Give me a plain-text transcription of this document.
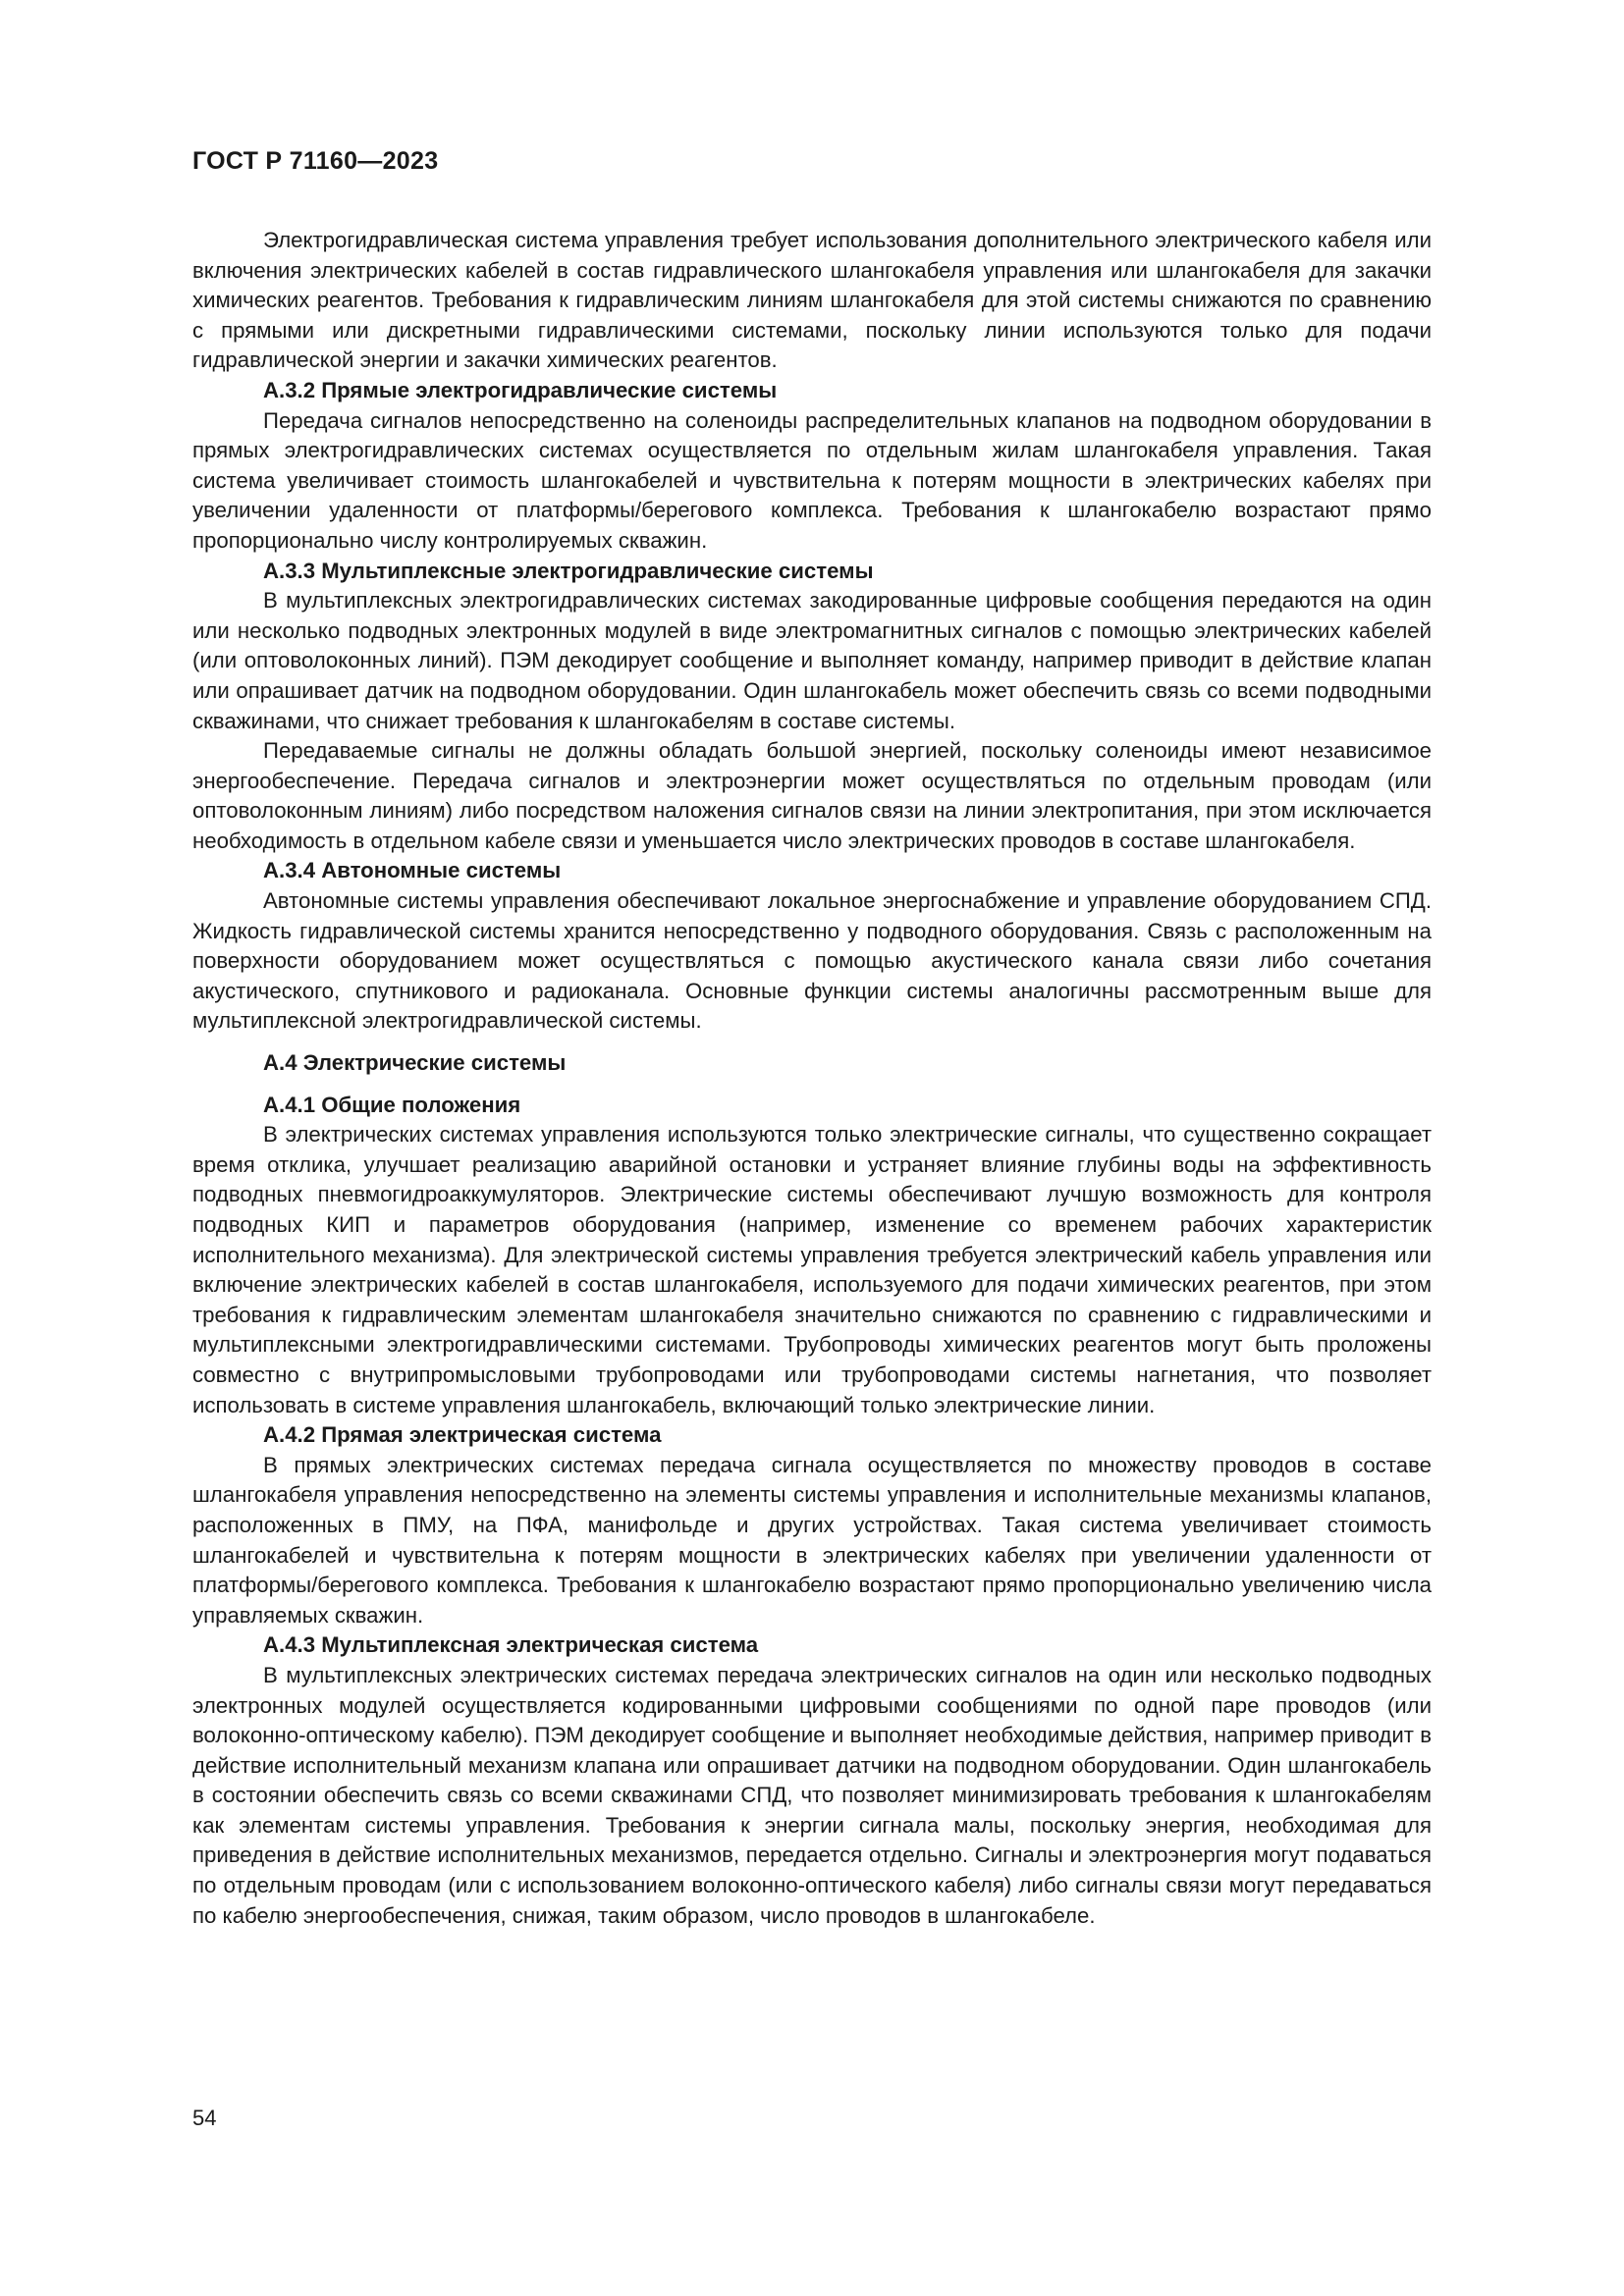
ГОСТ Р 71160—2023

Электрогидравлическая система управления требует использования дополнительного электрического кабеля или включения электрических кабелей в состав гидравлического шлангокабеля управления или шлангокабеля для закачки химических реагентов. Требования к гидравлическим линиям шлангокабеля для этой системы снижаются по сравнению с прямыми или дискретными гидравлическими системами, поскольку линии используются только для подачи гидравлической энергии и закачки химических реагентов.

А.3.2 Прямые электрогидравлические системы

Передача сигналов непосредственно на соленоиды распределительных клапанов на подводном оборудовании в прямых электрогидравлических системах осуществляется по отдельным жилам шлангокабеля управления. Такая система увеличивает стоимость шлангокабелей и чувствительна к потерям мощности в электрических кабелях при увеличении удаленности от платформы/берегового комплекса. Требования к шлангокабелю возрастают прямо пропорционально числу контролируемых скважин.

А.3.3 Мультиплексные электрогидравлические системы

В мультиплексных электрогидравлических системах закодированные цифровые сообщения передаются на один или несколько подводных электронных модулей в виде электромагнитных сигналов с помощью электрических кабелей (или оптоволоконных линий). ПЭМ декодирует сообщение и выполняет команду, например приводит в действие клапан или опрашивает датчик на подводном оборудовании. Один шлангокабель может обеспечить связь со всеми подводными скважинами, что снижает требования к шлангокабелям в составе системы.

Передаваемые сигналы не должны обладать большой энергией, поскольку соленоиды имеют независимое энергообеспечение. Передача сигналов и электроэнергии может осуществляться по отдельным проводам (или оптоволоконным линиям) либо посредством наложения сигналов связи на линии электропитания, при этом исключается необходимость в отдельном кабеле связи и уменьшается число электрических проводов в составе шлангокабеля.

А.3.4 Автономные системы

Автономные системы управления обеспечивают локальное энергоснабжение и управление оборудованием СПД. Жидкость гидравлической системы хранится непосредственно у подводного оборудования. Связь с расположенным на поверхности оборудованием может осуществляться с помощью акустического канала связи либо сочетания акустического, спутникового и радиоканала. Основные функции системы аналогичны рассмотренным выше для мультиплексной электрогидравлической системы.

А.4 Электрические системы
А.4.1 Общие положения

В электрических системах управления используются только электрические сигналы, что существенно сокращает время отклика, улучшает реализацию аварийной остановки и устраняет влияние глубины воды на эффективность подводных пневмогидроаккумуляторов. Электрические системы обеспечивают лучшую возможность для контроля подводных КИП и параметров оборудования (например, изменение со временем рабочих характеристик исполнительного механизма). Для электрической системы управления требуется электрический кабель управления или включение электрических кабелей в состав шлангокабеля, используемого для подачи химических реагентов, при этом требования к гидравлическим элементам шлангокабеля значительно снижаются по сравнению с гидравлическими и мультиплексными электрогидравлическими системами. Трубопроводы химических реагентов могут быть проложены совместно с внутрипромысловыми трубопроводами или трубопроводами системы нагнетания, что позволяет использовать в системе управления шлангокабель, включающий только электрические линии.

А.4.2 Прямая электрическая система

В прямых электрических системах передача сигнала осуществляется по множеству проводов в составе шлангокабеля управления непосредственно на элементы системы управления и исполнительные механизмы клапанов, расположенных в ПМУ, на ПФА, манифольде и других устройствах. Такая система увеличивает стоимость шлангокабелей и чувствительна к потерям мощности в электрических кабелях при увеличении удаленности от платформы/берегового комплекса. Требования к шлангокабелю возрастают прямо пропорционально увеличению числа управляемых скважин.

А.4.3 Мультиплексная электрическая система

В мультиплексных электрических системах передача электрических сигналов на один или несколько подводных электронных модулей осуществляется кодированными цифровыми сообщениями по одной паре проводов (или волоконно-оптическому кабелю). ПЭМ декодирует сообщение и выполняет необходимые действия, например приводит в действие исполнительный механизм клапана или опрашивает датчики на подводном оборудовании. Один шлангокабель в состоянии обеспечить связь со всеми скважинами СПД, что позволяет минимизировать требования к шлангокабелям как элементам системы управления. Требования к энергии сигнала малы, поскольку энергия, необходимая для приведения в действие исполнительных механизмов, передается отдельно. Сигналы и электроэнергия могут подаваться по отдельным проводам (или с использованием волоконно-оптического кабеля) либо сигналы связи могут передаваться по кабелю энергообеспечения, снижая, таким образом, число проводов в шлангокабеле.

54
